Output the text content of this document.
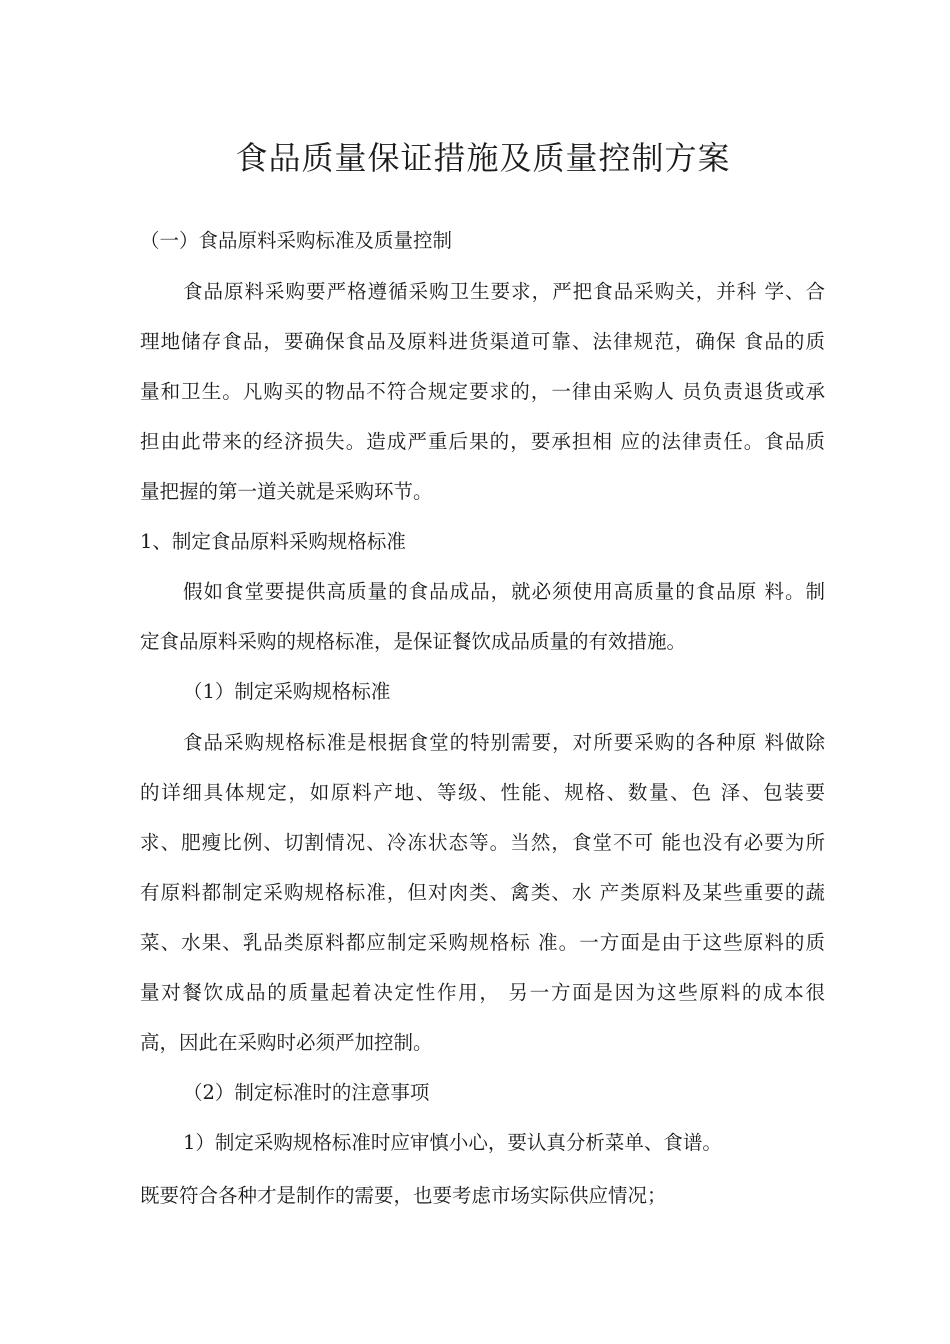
食品质量保证措施及质量控制方案
（一）食品原料采购标准及质量控制
食品原料采购要严格遵循采购卫生要求，严把食品采购关，并科 学、合
理地储存食品，要确保食品及原料进货渠道可靠、法律规范，确保 食品的质
量和卫生。凡购买的物品不符合规定要求的，一律由采购人 员负责退货或承
担由此带来的经济损失。造成严重后果的，要承担相 应的法律责任。食品质
量把握的第一道关就是采购环节。
1、制定食品原料采购规格标准
假如食堂要提供高质量的食品成品，就必须使用高质量的食品原 料。制
定食品原料采购的规格标准，是保证餐饮成品质量的有效措施。
（1）制定采购规格标准
食品采购规格标准是根据食堂的特别需要，对所要采购的各种原 料做除
的详细具体规定，如原料产地、等级、性能、规格、数量、色 泽、包装要
求、肥瘦比例、切割情况、冷冻状态等。当然，食堂不可 能也没有必要为所
有原料都制定采购规格标准，但对肉类、禽类、水 产类原料及某些重要的蔬
菜、水果、乳品类原料都应制定采购规格标 准。一方面是由于这些原料的质
量对餐饮成品的质量起着决定性作用， 另一方面是因为这些原料的成本很
高，因此在采购时必须严加控制。
（2）制定标准时的注意事项
1）制定采购规格标准时应审慎小心，要认真分析菜单、食谱。
既要符合各种才是制作的需要，也要考虑市场实际供应情况；
